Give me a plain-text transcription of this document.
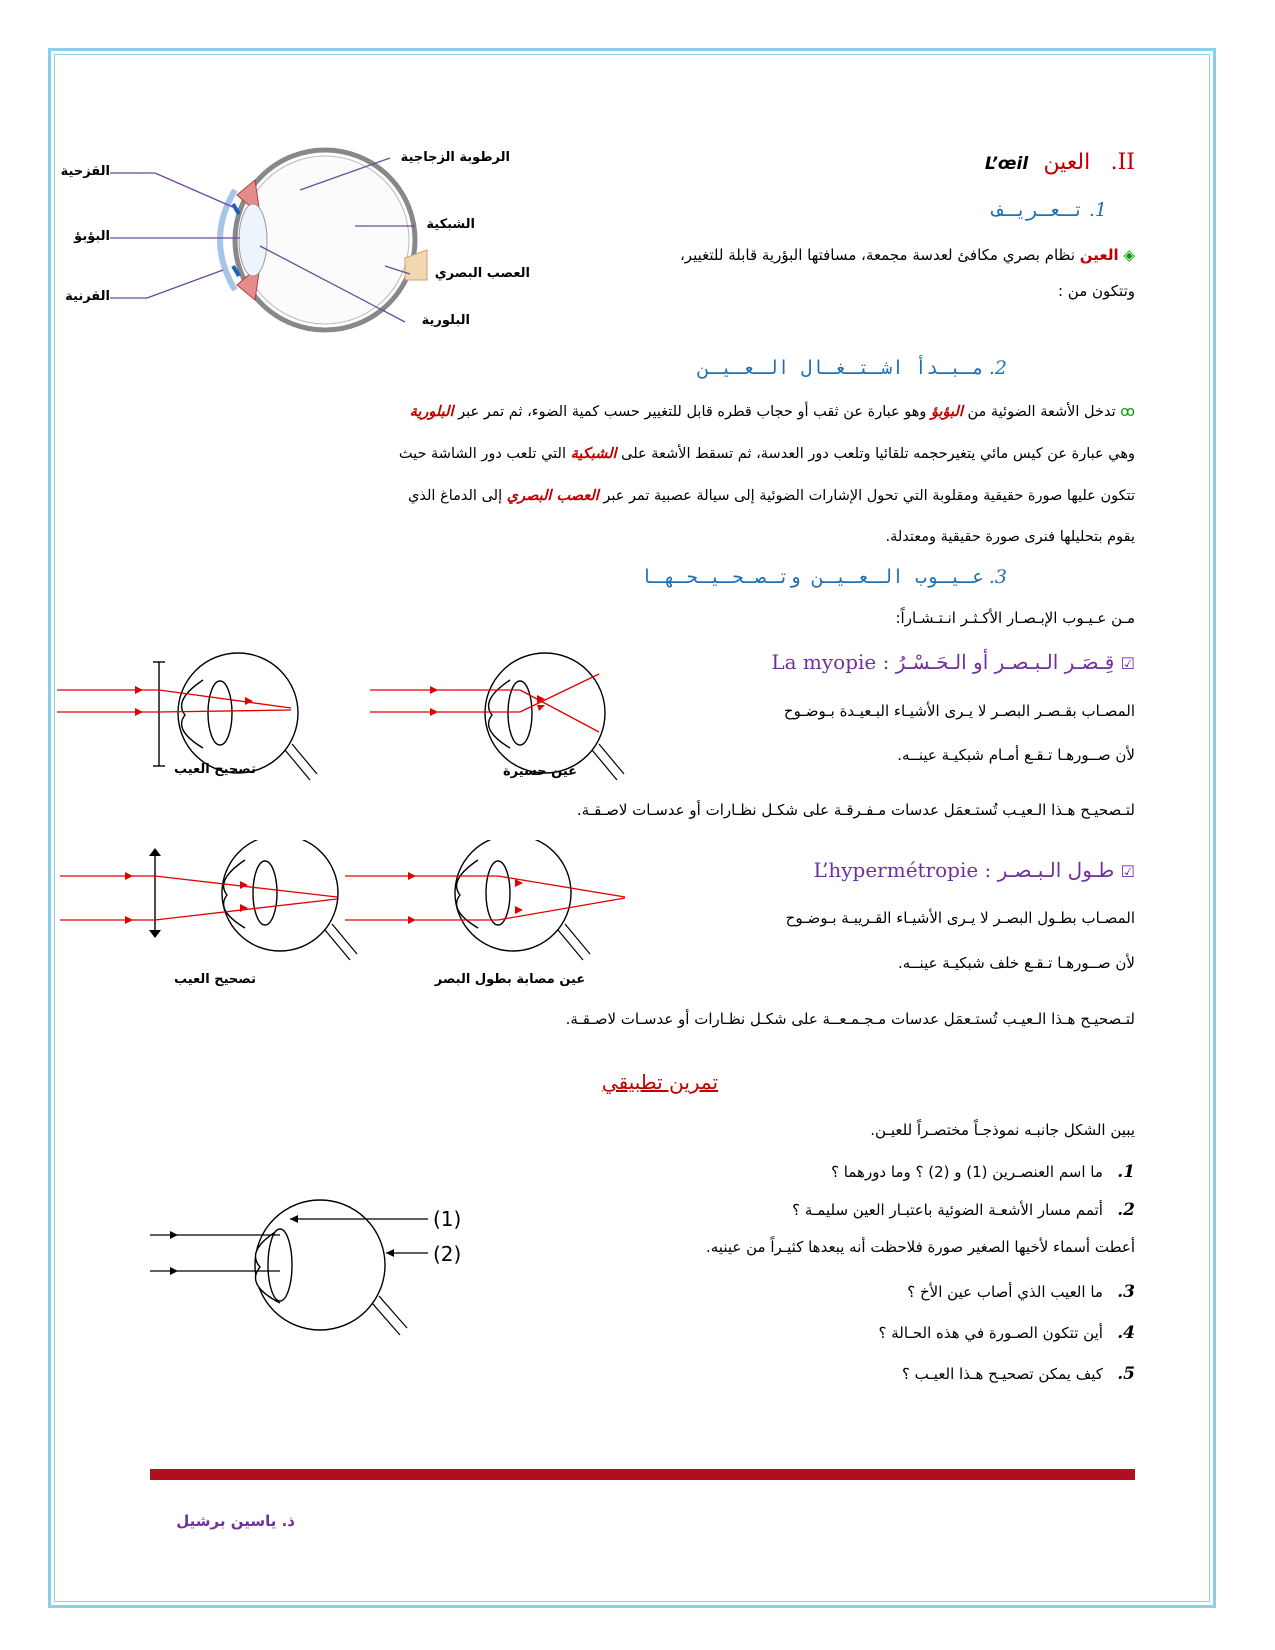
II.    العين   L’œil
1. تـعـريـف
◈ العين نظام بصري مكافئ لعدسة مجمعة، مسافتها البؤرية قابلة للتغيير،
وتتكون من :
الرطوبة الزجاجية
القزحية
البؤبؤ
القرنية
الشبكية
العصب البصري
البلورية
2. مـبـدأ اشـتـغـال الـعـيـن
ꝏ تدخل الأشعة الضوئية من البؤبؤ وهو عبارة عن ثقب أو حجاب قطره قابل للتغيير حسب كمية الضوء، ثم تمر عبر البلورية
وهي عبارة عن كيس مائي يتغيرحجمه تلقائيا وتلعب دور العدسة، ثم تسقط الأشعة على الشبكية التي تلعب دور الشاشة حيث
تتكون عليها صورة حقيقية ومقلوبة التي تحول الإشارات الضوئية إلى سيالة عصبية تمر عبر العصب البصري إلى الدماغ الذي
يقوم بتحليلها فنرى صورة حقيقية ومعتدلة.
3. عـيـوب الـعـيـن وتـصـحـيـحـهـا
مـن عـيـوب الإبـصـار الأكـثـر انـتـشـاراً:
☑ قِـصَـر الـبـصـر أو الـحَـسْـرُ : La myopie
المصـاب بقـصـر البصـر لا يـرى الأشيـاء البـعيـدة بـوضـوح
لأن صــورهـا تـقـع أمـام شبكيـة عينــه.
لتـصحيـح هـذا الـعيـب تُستـعمَل عدسات مـفـرقـة على شكـل نظـارات أو عدسـات لاصـقـة.
تصحيح العيب	عين حسيرة
☑ طـول الـبـصـر : L’hypermétropie
المصـاب بطـول البصـر لا يـرى الأشيـاء القـريبـة بـوضـوح
لأن صــورهـا تـقـع خلف شبكيـة عينــه.
لتـصحيـح هـذا الـعيـب تُستـعمَل عدسات مـجـمـعــة على شكـل نظـارات أو عدسـات لاصـقـة.
تصحيح العيب	عين مصابة بطول البصر
تمرين تطبيقي
يبين الشكل جانبـه نموذجـاً مختصـراً للعيـن.
1.   ما اسم العنصـرين (1) و (2) ؟ وما دورهما ؟
2.   أتمم مسار الأشعـة الضوئية باعتبـار العين سليمـة ؟
أعطت أسماء لأخيها الصغير صورة فلاحظت أنه يبعدها كثيـراً من عينيه.
3.   ما العيب الذي أصاب عين الأخ ؟
4.   أين تتكون الصـورة في هذه الحـالة ؟
5.   كيف يمكن تصحيـح هـذا العيـب ؟
(1)
(2)
ذ. ياسين برشيل
